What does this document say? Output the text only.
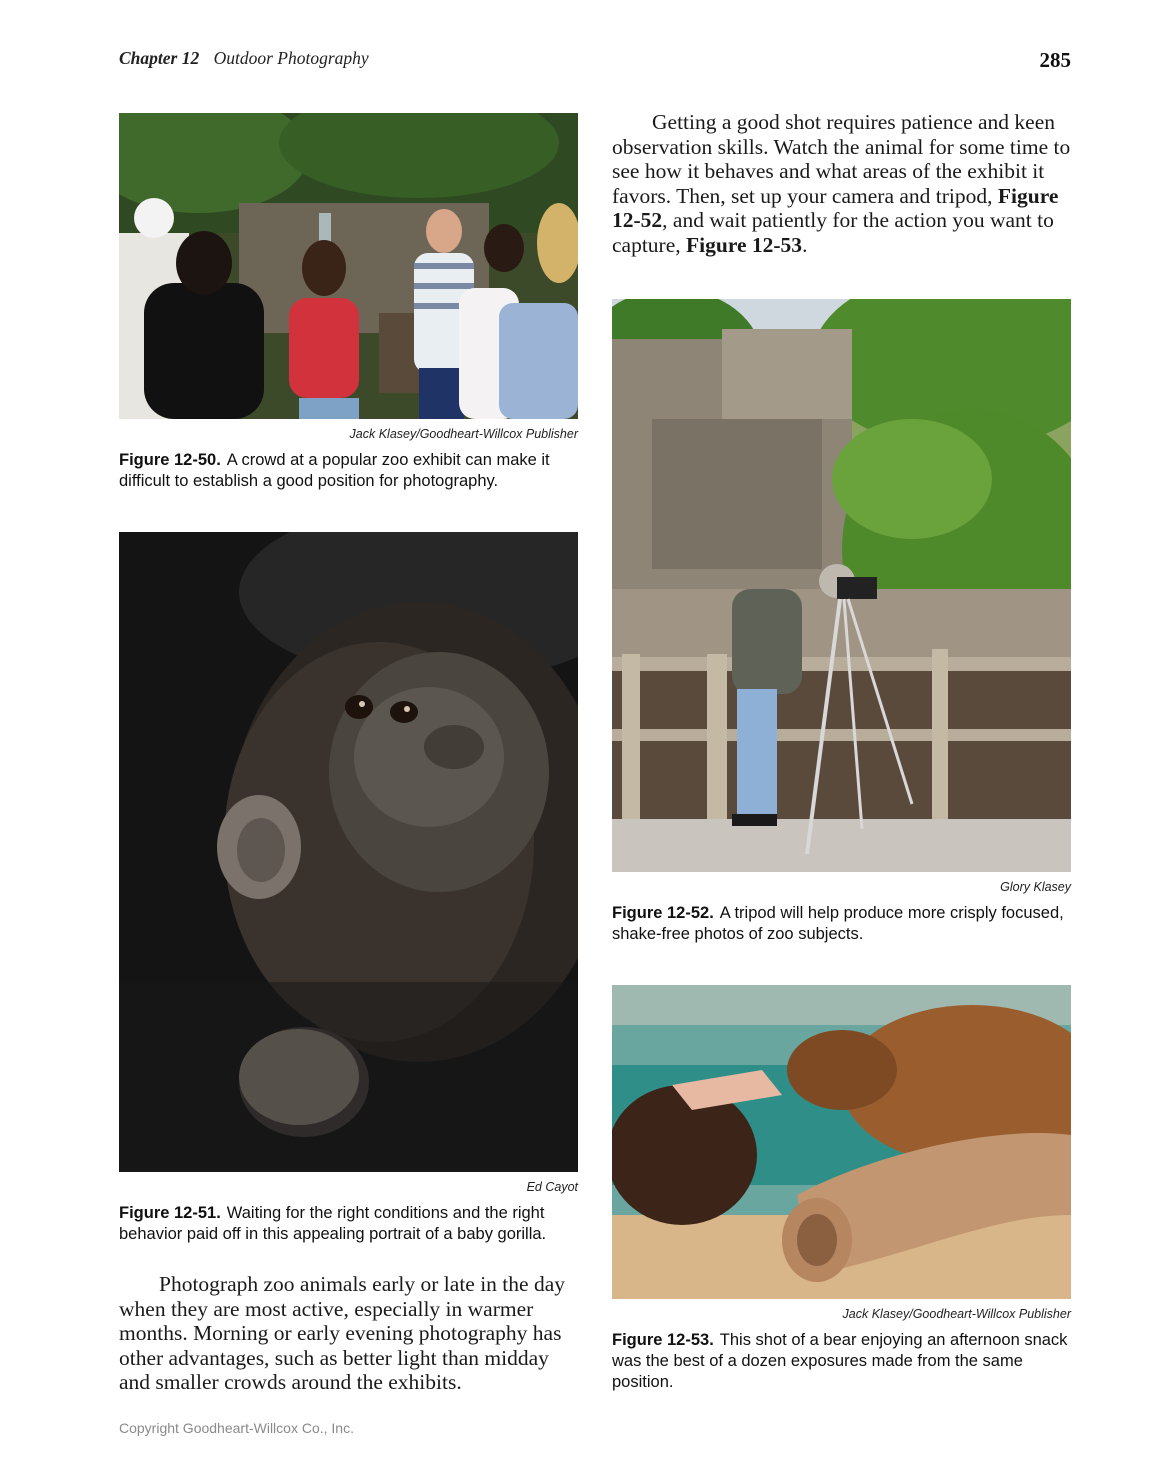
Chapter 12 Outdoor Photography	285
Jack Klasey/Goodheart-Willcox Publisher
Figure 12-50. A crowd at a popular zoo exhibit can make it difficult to establish a good position for photography.
Ed Cayot
Figure 12-51. Waiting for the right conditions and the right behavior paid off in this appealing portrait of a baby gorilla.

Photograph zoo animals early or late in the day when they are most active, especially in warmer months. Morning or early evening photography has other advantages, such as better light than midday and smaller crowds around the exhibits.

Getting a good shot requires patience and keen observation skills. Watch the animal for some time to see how it behaves and what areas of the exhibit it favors. Then, set up your camera and tripod, Figure 12-52, and wait patiently for the action you want to capture, Figure 12-53.

Glory Klasey
Figure 12-52. A tripod will help produce more crisply focused, shake-free photos of zoo subjects.
Jack Klasey/Goodheart-Willcox Publisher
Figure 12-53. This shot of a bear enjoying an afternoon snack was the best of a dozen exposures made from the same position.
Copyright Goodheart-Willcox Co., Inc.
